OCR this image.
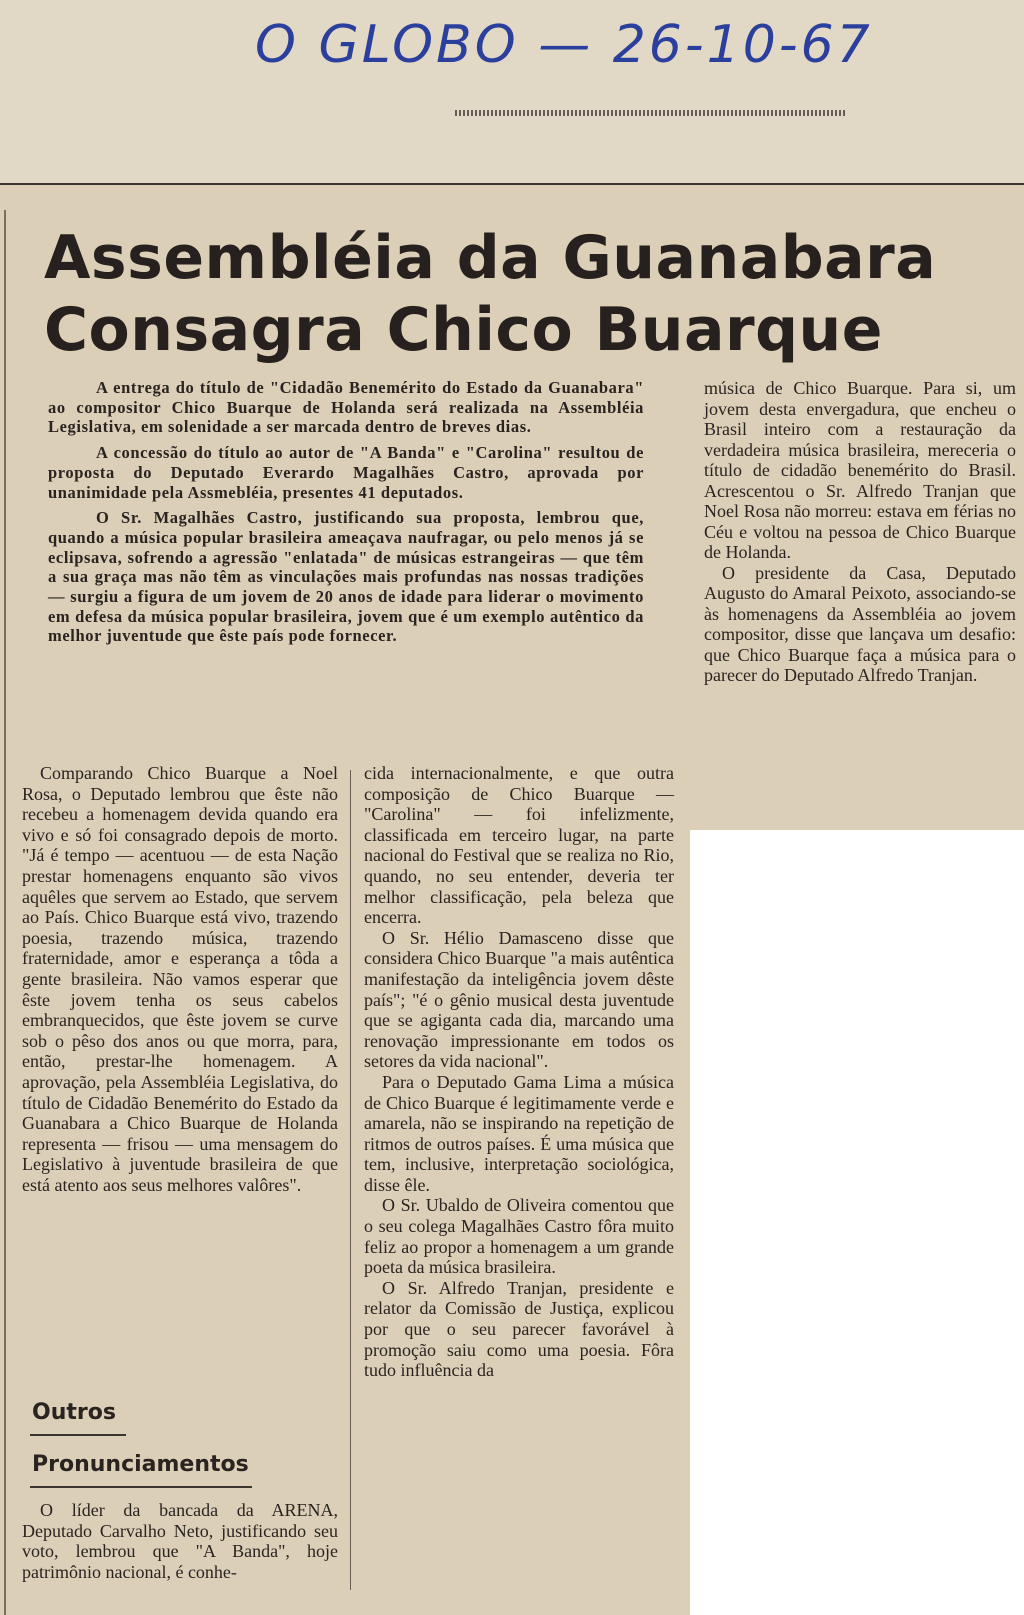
O GLOBO — 26-10-67
Assembléia da Guanabara Consagra Chico Buarque

A entrega do título de "Cidadão Benemérito do Estado da Guanabara" ao compositor Chico Buarque de Holanda será realizada na Assembléia Legislativa, em solenidade a ser marcada dentro de breves dias.

A concessão do título ao autor de "A Banda" e "Carolina" resultou de proposta do Deputado Everardo Magalhães Castro, aprovada por unanimidade pela Assmebléia, presentes 41 deputados.

O Sr. Magalhães Castro, justificando sua proposta, lembrou que, quando a música popular brasileira ameaçava naufragar, ou pelo menos já se eclipsava, sofrendo a agressão "enlatada" de músicas estrangeiras — que têm a sua graça mas não têm as vinculações mais profundas nas nossas tradições — surgiu a figura de um jovem de 20 anos de idade para liderar o movimento em defesa da música popular brasileira, jovem que é um exemplo autêntico da melhor juventude que êste país pode fornecer.

música de Chico Buarque. Para si, um jovem desta envergadura, que encheu o Brasil inteiro com a restauração da verdadeira música brasileira, mereceria o título de cidadão benemérito do Brasil. Acrescentou o Sr. Alfredo Tranjan que Noel Rosa não morreu: estava em férias no Céu e voltou na pessoa de Chico Buarque de Holanda.

O presidente da Casa, Deputado Augusto do Amaral Peixoto, associando-se às homenagens da Assembléia ao jovem compositor, disse que lançava um desafio: que Chico Buarque faça a música para o parecer do Deputado Alfredo Tranjan.

Comparando Chico Buarque a Noel Rosa, o Deputado lembrou que êste não recebeu a homenagem devida quando era vivo e só foi consagrado depois de morto. "Já é tempo — acentuou — de esta Nação prestar homenagens enquanto são vivos aquêles que servem ao Estado, que servem ao País. Chico Buarque está vivo, trazendo poesia, trazendo música, trazendo fraternidade, amor e esperança a tôda a gente brasileira. Não vamos esperar que êste jovem tenha os seus cabelos embranquecidos, que êste jovem se curve sob o pêso dos anos ou que morra, para, então, prestar-lhe homenagem. A aprovação, pela Assembléia Legislativa, do título de Cidadão Benemérito do Estado da Guanabara a Chico Buarque de Holanda representa — frisou — uma mensagem do Legislativo à juventude brasileira de que está atento aos seus melhores valôres".

cida internacionalmente, e que outra composição de Chico Buarque — "Carolina" — foi infelizmente, classificada em terceiro lugar, na parte nacional do Festival que se realiza no Rio, quando, no seu entender, deveria ter melhor classificação, pela beleza que encerra.

O Sr. Hélio Damasceno disse que considera Chico Buarque "a mais autêntica manifestação da inteligência jovem dêste país"; "é o gênio musical desta juventude que se agiganta cada dia, marcando uma renovação impressionante em todos os setores da vida nacional".

Para o Deputado Gama Lima a música de Chico Buarque é legitimamente verde e amarela, não se inspirando na repetição de ritmos de outros países. É uma música que tem, inclusive, interpretação sociológica, disse êle.

O Sr. Ubaldo de Oliveira comentou que o seu colega Magalhães Castro fôra muito feliz ao propor a homenagem a um grande poeta da música brasileira.

O Sr. Alfredo Tranjan, presidente e relator da Comissão de Justiça, explicou por que o seu parecer favorável à promoção saiu como uma poesia. Fôra tudo influência da

Outros
Pronunciamentos

O líder da bancada da ARENA, Deputado Carvalho Neto, justificando seu voto, lembrou que "A Banda", hoje patrimônio nacional, é conhe-
